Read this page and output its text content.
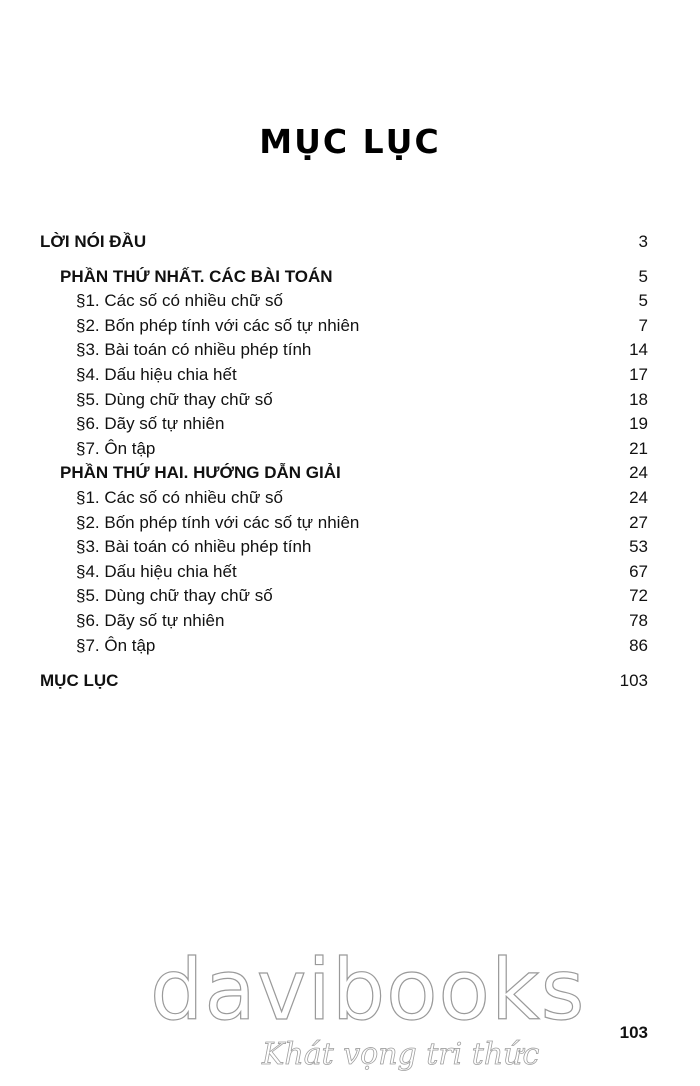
MỤC LỤC
LỜI NÓI ĐẦU	3
PHẦN THỨ NHẤT. CÁC BÀI TOÁN	5
§1. Các số có nhiều chữ số	5
§2. Bốn phép tính với các số tự nhiên	7
§3. Bài toán có nhiều phép tính	14
§4. Dấu hiệu chia hết	17
§5. Dùng chữ thay chữ số	18
§6. Dãy số tự nhiên	19
§7. Ôn tập	21
PHẦN THỨ HAI. HƯỚNG DẪN GIẢI	24
§1. Các số có nhiều chữ số	24
§2. Bốn phép tính với các số tự nhiên	27
§3. Bài toán có nhiều phép tính	53
§4. Dấu hiệu chia hết	67
§5. Dùng chữ thay chữ số	72
§6. Dãy số tự nhiên	78
§7. Ôn tập	86
MỤC LỤC	103
davibooks
Khát vọng tri thức
103
